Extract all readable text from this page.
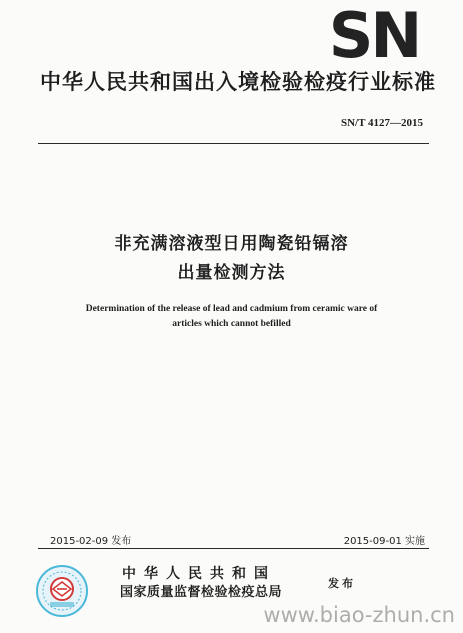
SN
中华人民共和国出入境检验检疫行业标准
SN/T 4127—2015
非充满溶液型日用陶瓷铅镉溶
出量检测方法
Determination of the release of lead and cadmium from ceramic ware of
articles which cannot befilled
2015-02-09 发布	2015-09-01 实施
中华人民共和国
国家质量监督检验检疫总局
发布
www.biao-zhun.cn
